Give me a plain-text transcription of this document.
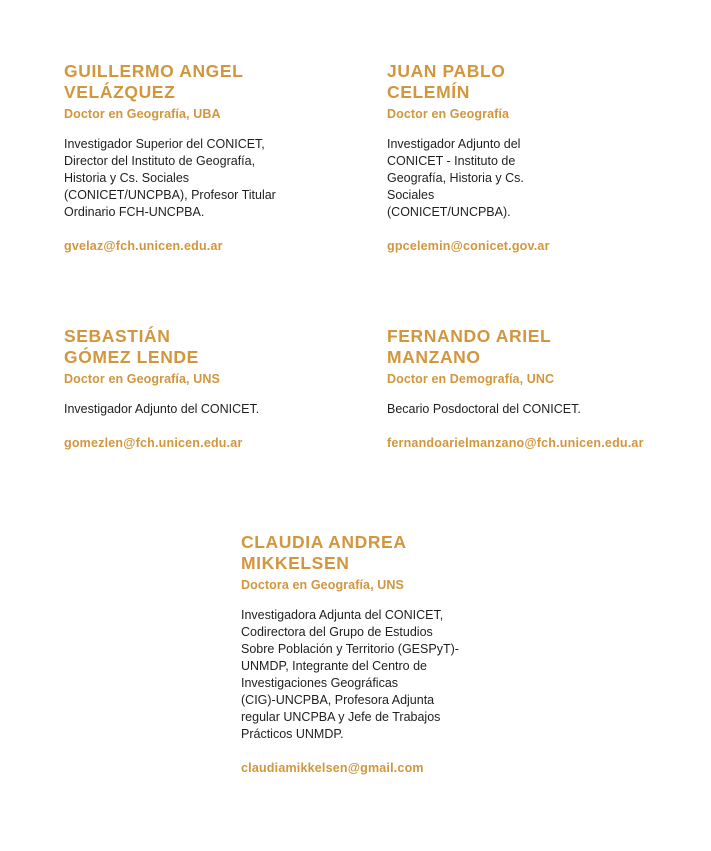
GUILLERMO ANGEL
VELÁZQUEZ
Doctor en Geografía, UBA
Investigador Superior del CONICET,
Director del Instituto de Geografía,
Historia y Cs. Sociales
(CONICET/UNCPBA), Profesor Titular
Ordinario FCH-UNCPBA.
gvelaz@fch.unicen.edu.ar
JUAN PABLO
CELEMÍN
Doctor en Geografía
Investigador Adjunto del
CONICET - Instituto de
Geografía, Historia y Cs.
Sociales
(CONICET/UNCPBA).
gpcelemin@conicet.gov.ar
SEBASTIÁN
GÓMEZ LENDE
Doctor en Geografía, UNS
Investigador Adjunto del CONICET.
gomezlen@fch.unicen.edu.ar
FERNANDO ARIEL
MANZANO
Doctor en Demografía, UNC
Becario Posdoctoral del CONICET.
fernandoarielmanzano@fch.unicen.edu.ar
CLAUDIA ANDREA
MIKKELSEN
Doctora en Geografía, UNS
Investigadora Adjunta del CONICET,
Codirectora del Grupo de Estudios
Sobre Población y Territorio (GESPyT)-
UNMDP, Integrante del Centro de
Investigaciones Geográficas
(CIG)-UNCPBA, Profesora Adjunta
regular UNCPBA y Jefe de Trabajos
Prácticos UNMDP.
claudiamikkelsen@gmail.com
